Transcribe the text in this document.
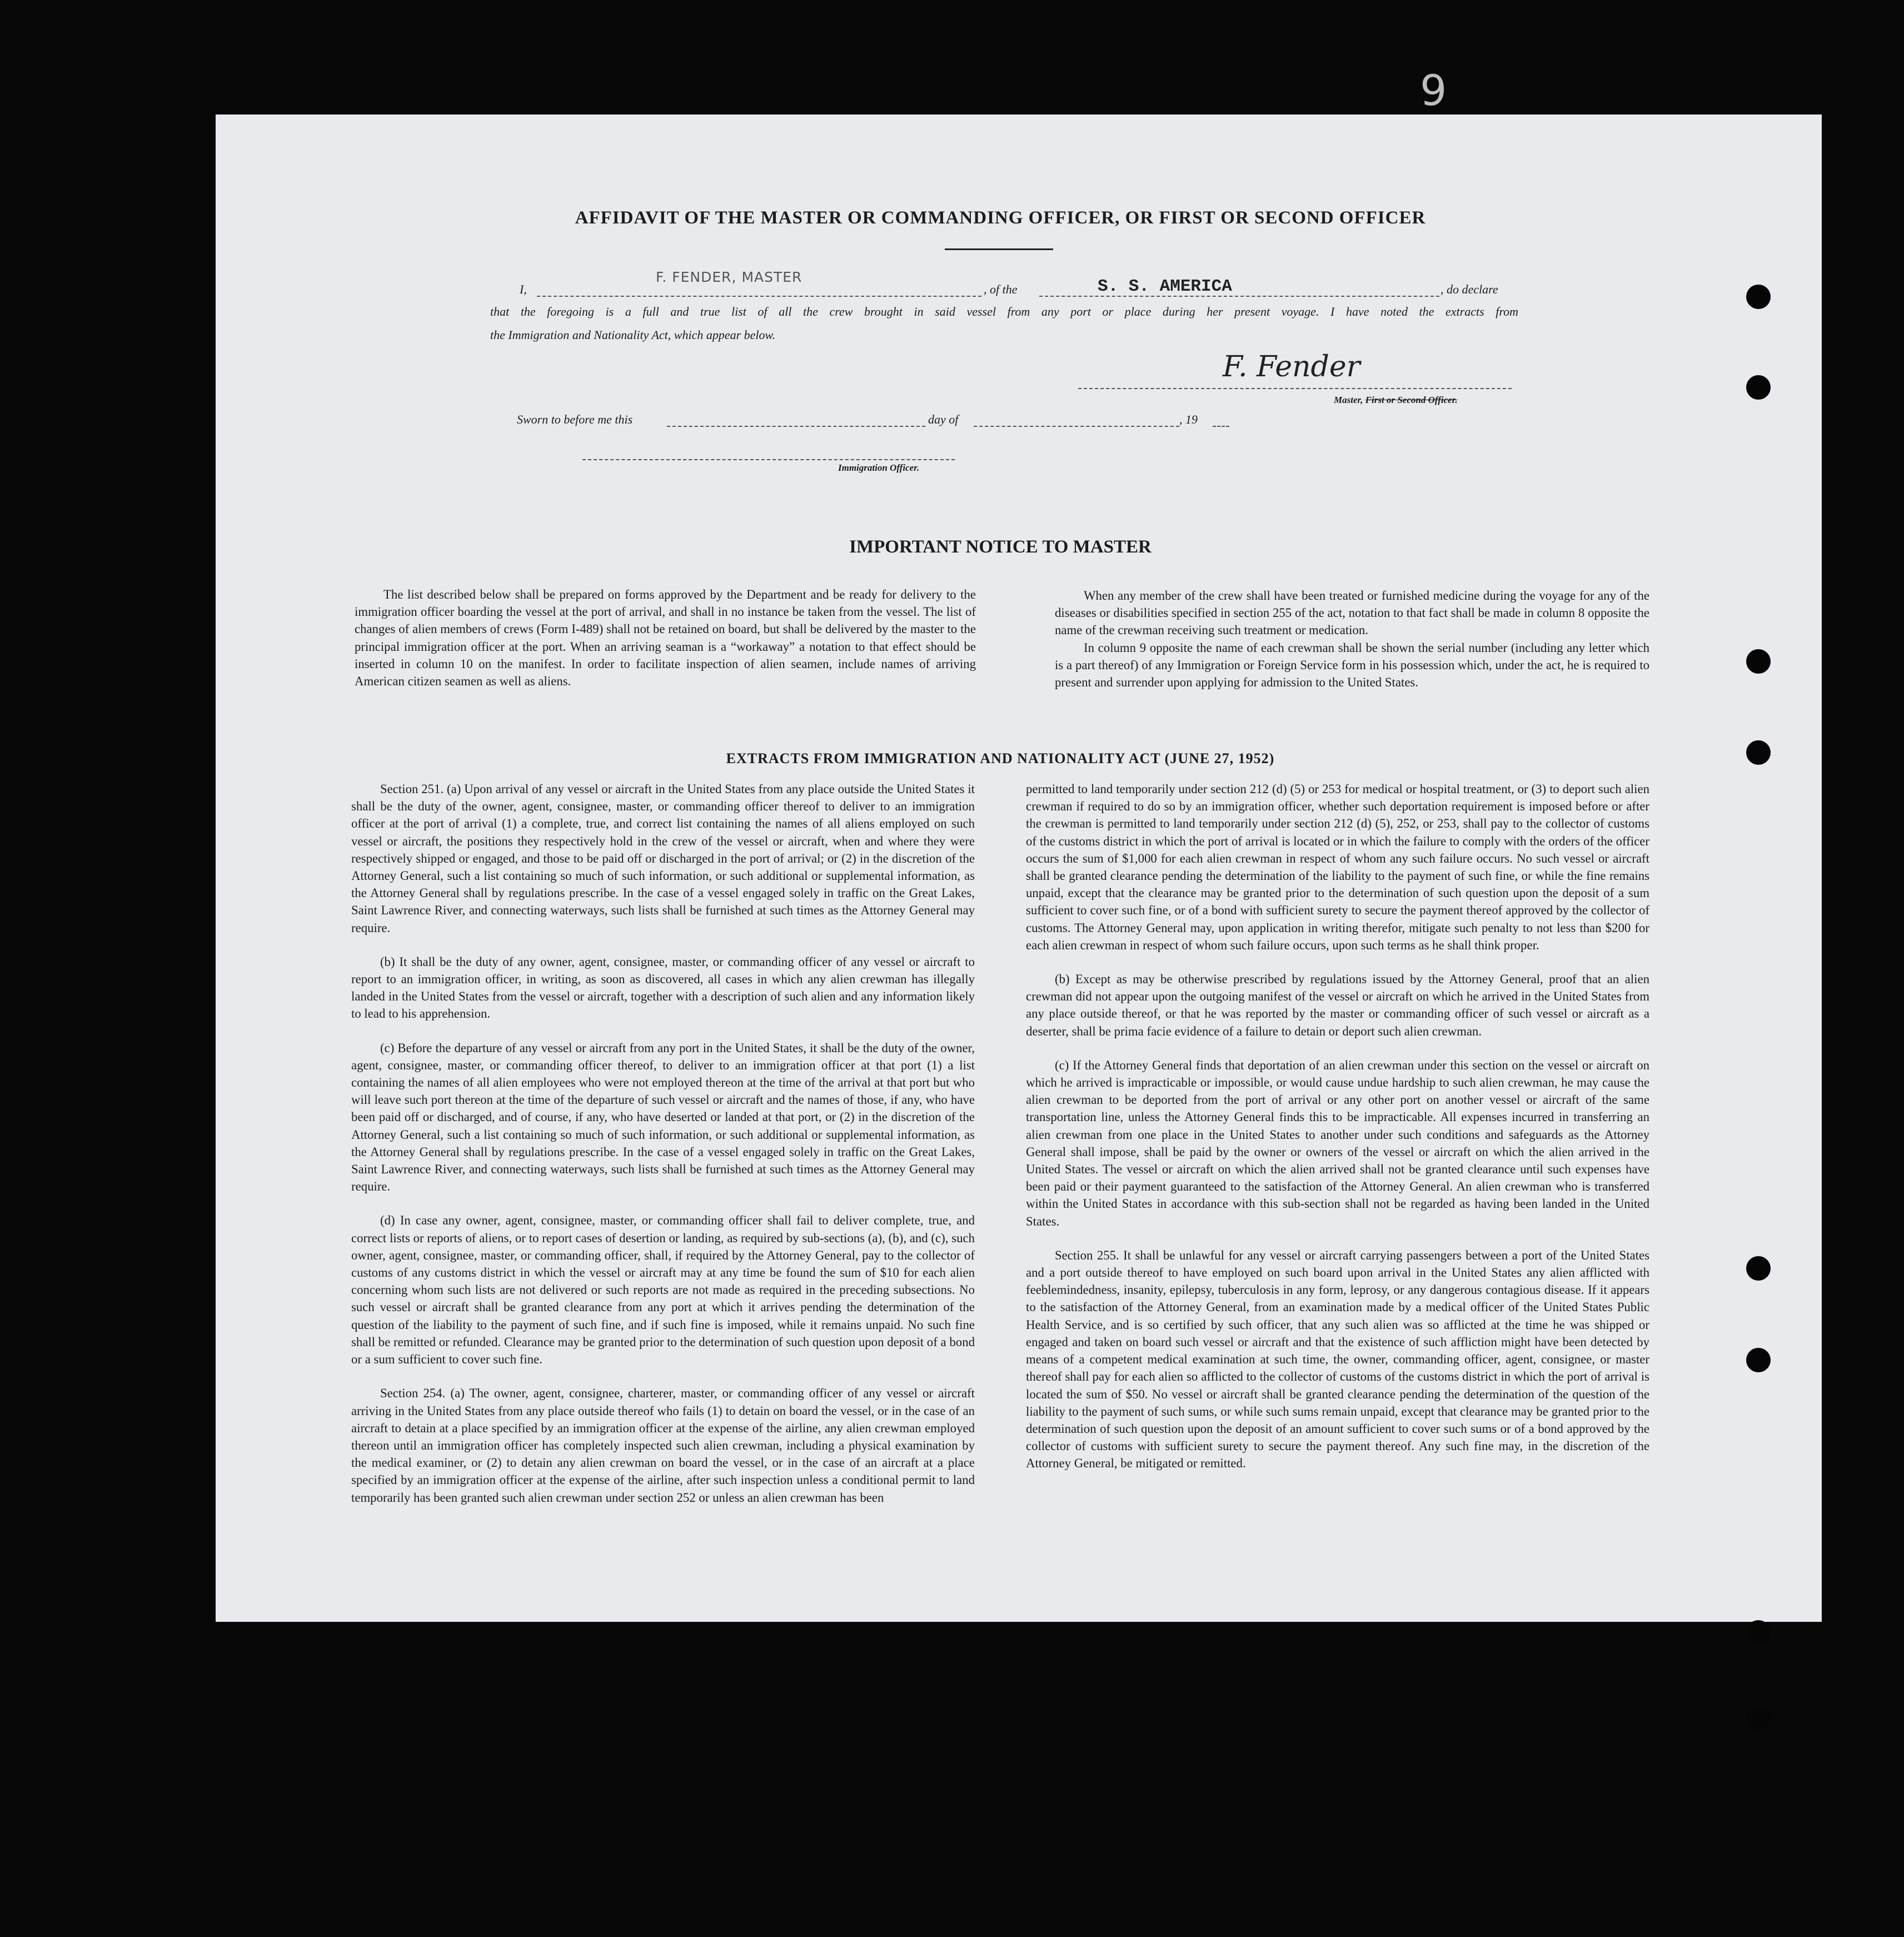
9
AFFIDAVIT OF THE MASTER OR COMMANDING OFFICER, OR FIRST OR SECOND OFFICER
I,
F. FENDER, MASTER
, of the	S. S. AMERICA	, do declare
that the foregoing is a full and true list of all the crew brought in said vessel from any port or place during her present voyage. I have noted the extracts from
the Immigration and Nationality Act, which appear below.
F. Fender
Master, First or Second Officer.
Sworn to before me this	day of	, 19
Immigration Officer.
IMPORTANT NOTICE TO MASTER

The list described below shall be prepared on forms approved by the Department and be ready for delivery to the immigration officer boarding the vessel at the port of arrival, and shall in no instance be taken from the vessel. The list of changes of alien members of crews (Form I-489) shall not be retained on board, but shall be delivered by the master to the principal immigration officer at the port. When an arriving seaman is a “workaway” a notation to that effect should be inserted in column 10 on the manifest. In order to facilitate inspection of alien seamen, include names of arriving American citizen seamen as well as aliens.

When any member of the crew shall have been treated or furnished medicine during the voyage for any of the diseases or disabilities specified in section 255 of the act, notation to that fact shall be made in column 8 opposite the name of the crewman receiving such treatment or medication.

In column 9 opposite the name of each crewman shall be shown the serial number (including any letter which is a part thereof) of any Immigration or Foreign Service form in his possession which, under the act, he is required to present and surrender upon applying for admission to the United States.

EXTRACTS FROM IMMIGRATION AND NATIONALITY ACT (JUNE 27, 1952)

Section 251. (a) Upon arrival of any vessel or aircraft in the United States from any place outside the United States it shall be the duty of the owner, agent, consignee, master, or commanding officer thereof to deliver to an immigration officer at the port of arrival (1) a complete, true, and correct list containing the names of all aliens employed on such vessel or aircraft, the positions they respectively hold in the crew of the vessel or aircraft, when and where they were respectively shipped or engaged, and those to be paid off or discharged in the port of arrival; or (2) in the discretion of the Attorney General, such a list containing so much of such information, or such additional or supplemental information, as the Attorney General shall by regulations prescribe. In the case of a vessel engaged solely in traffic on the Great Lakes, Saint Lawrence River, and connecting waterways, such lists shall be furnished at such times as the Attorney General may require.

(b) It shall be the duty of any owner, agent, consignee, master, or commanding officer of any vessel or aircraft to report to an immigration officer, in writing, as soon as discovered, all cases in which any alien crewman has illegally landed in the United States from the vessel or aircraft, together with a description of such alien and any information likely to lead to his apprehension.

(c) Before the departure of any vessel or aircraft from any port in the United States, it shall be the duty of the owner, agent, consignee, master, or commanding officer thereof, to deliver to an immigration officer at that port (1) a list containing the names of all alien employees who were not employed thereon at the time of the arrival at that port but who will leave such port thereon at the time of the departure of such vessel or aircraft and the names of those, if any, who have been paid off or discharged, and of course, if any, who have deserted or landed at that port, or (2) in the discretion of the Attorney General, such a list containing so much of such information, or such additional or supplemental information, as the Attorney General shall by regulations prescribe. In the case of a vessel engaged solely in traffic on the Great Lakes, Saint Lawrence River, and connecting waterways, such lists shall be furnished at such times as the Attorney General may require.

(d) In case any owner, agent, consignee, master, or commanding officer shall fail to deliver complete, true, and correct lists or reports of aliens, or to report cases of desertion or landing, as required by sub-sections (a), (b), and (c), such owner, agent, consignee, master, or commanding officer, shall, if required by the Attorney General, pay to the collector of customs of any customs district in which the vessel or aircraft may at any time be found the sum of $10 for each alien concerning whom such lists are not delivered or such reports are not made as required in the preceding subsections. No such vessel or aircraft shall be granted clearance from any port at which it arrives pending the determination of the question of the liability to the payment of such fine, and if such fine is imposed, while it remains unpaid. No such fine shall be remitted or refunded. Clearance may be granted prior to the determination of such question upon deposit of a bond or a sum sufficient to cover such fine.

Section 254. (a) The owner, agent, consignee, charterer, master, or commanding officer of any vessel or aircraft arriving in the United States from any place outside thereof who fails (1) to detain on board the vessel, or in the case of an aircraft to detain at a place specified by an immigration officer at the expense of the airline, any alien crewman employed thereon until an immigration officer has completely inspected such alien crewman, including a physical examination by the medical examiner, or (2) to detain any alien crewman on board the vessel, or in the case of an aircraft at a place specified by an immigration officer at the expense of the airline, after such inspection unless a conditional permit to land temporarily has been granted such alien crewman under section 252 or unless an alien crewman has been

permitted to land temporarily under section 212 (d) (5) or 253 for medical or hospital treatment, or (3) to deport such alien crewman if required to do so by an immigration officer, whether such deportation requirement is imposed before or after the crewman is permitted to land temporarily under section 212 (d) (5), 252, or 253, shall pay to the collector of customs of the customs district in which the port of arrival is located or in which the failure to comply with the orders of the officer occurs the sum of $1,000 for each alien crewman in respect of whom any such failure occurs. No such vessel or aircraft shall be granted clearance pending the determination of the liability to the payment of such fine, or while the fine remains unpaid, except that the clearance may be granted prior to the determination of such question upon the deposit of a sum sufficient to cover such fine, or of a bond with sufficient surety to secure the payment thereof approved by the collector of customs. The Attorney General may, upon application in writing therefor, mitigate such penalty to not less than $200 for each alien crewman in respect of whom such failure occurs, upon such terms as he shall think proper.

(b) Except as may be otherwise prescribed by regulations issued by the Attorney General, proof that an alien crewman did not appear upon the outgoing manifest of the vessel or aircraft on which he arrived in the United States from any place outside thereof, or that he was reported by the master or commanding officer of such vessel or aircraft as a deserter, shall be prima facie evidence of a failure to detain or deport such alien crewman.

(c) If the Attorney General finds that deportation of an alien crewman under this section on the vessel or aircraft on which he arrived is impracticable or impossible, or would cause undue hardship to such alien crewman, he may cause the alien crewman to be deported from the port of arrival or any other port on another vessel or aircraft of the same transportation line, unless the Attorney General finds this to be impracticable. All expenses incurred in transferring an alien crewman from one place in the United States to another under such conditions and safeguards as the Attorney General shall impose, shall be paid by the owner or owners of the vessel or aircraft on which the alien arrived in the United States. The vessel or aircraft on which the alien arrived shall not be granted clearance until such expenses have been paid or their payment guaranteed to the satisfaction of the Attorney General. An alien crewman who is transferred within the United States in accordance with this sub-section shall not be regarded as having been landed in the United States.

Section 255. It shall be unlawful for any vessel or aircraft carrying passengers between a port of the United States and a port outside thereof to have employed on such board upon arrival in the United States any alien afflicted with feeblemindedness, insanity, epilepsy, tuberculosis in any form, leprosy, or any dangerous contagious disease. If it appears to the satisfaction of the Attorney General, from an examination made by a medical officer of the United States Public Health Service, and is so certified by such officer, that any such alien was so afflicted at the time he was shipped or engaged and taken on board such vessel or aircraft and that the existence of such affliction might have been detected by means of a competent medical examination at such time, the owner, commanding officer, agent, consignee, or master thereof shall pay for each alien so afflicted to the collector of customs of the customs district in which the port of arrival is located the sum of $50. No vessel or aircraft shall be granted clearance pending the determination of the question of the liability to the payment of such sums, or while such sums remain unpaid, except that clearance may be granted prior to the determination of such question upon the deposit of an amount sufficient to cover such sums or of a bond approved by the collector of customs with sufficient surety to secure the payment thereof. Any such fine may, in the discretion of the Attorney General, be mitigated or remitted.
